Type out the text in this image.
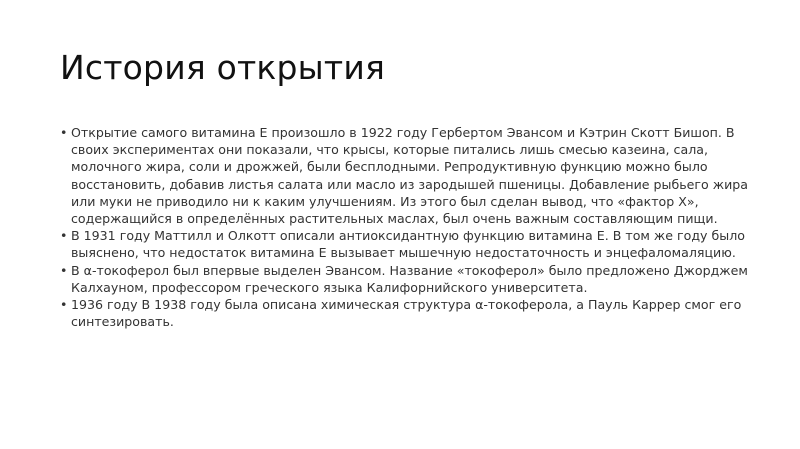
История открытия
• Открытие самого витамина E произошло в 1922 году Гербертом Эвансом и Кэтрин Скотт Бишоп. В своих экспериментах они показали, что крысы, которые питались лишь смесью казеина, сала, молочного жира, соли и дрожжей, были бесплодными. Репродуктивную функцию можно было восстановить, добавив листья салата или масло из зародышей пшеницы. Добавление рыбьего жира или муки не приводило ни к каким улучшениям. Из этого был сделан вывод, что «фактор X», содержащийся в определённых растительных маслах, был очень важным составляющим пищи.
• В 1931 году Маттилл и Олкотт описали антиоксидантную функцию витамина E. В том же году было выяснено, что недостаток витамина E вызывает мышечную недостаточность и энцефаломаляцию.
• В α-токоферол был впервые выделен Эвансом. Название «токоферол» было предложено Джорджем Калхауном, профессором греческого языка Калифорнийского университета.
• 1936 году В 1938 году была описана химическая структура α-токоферола, а Пауль Каррер смог его синтезировать.
